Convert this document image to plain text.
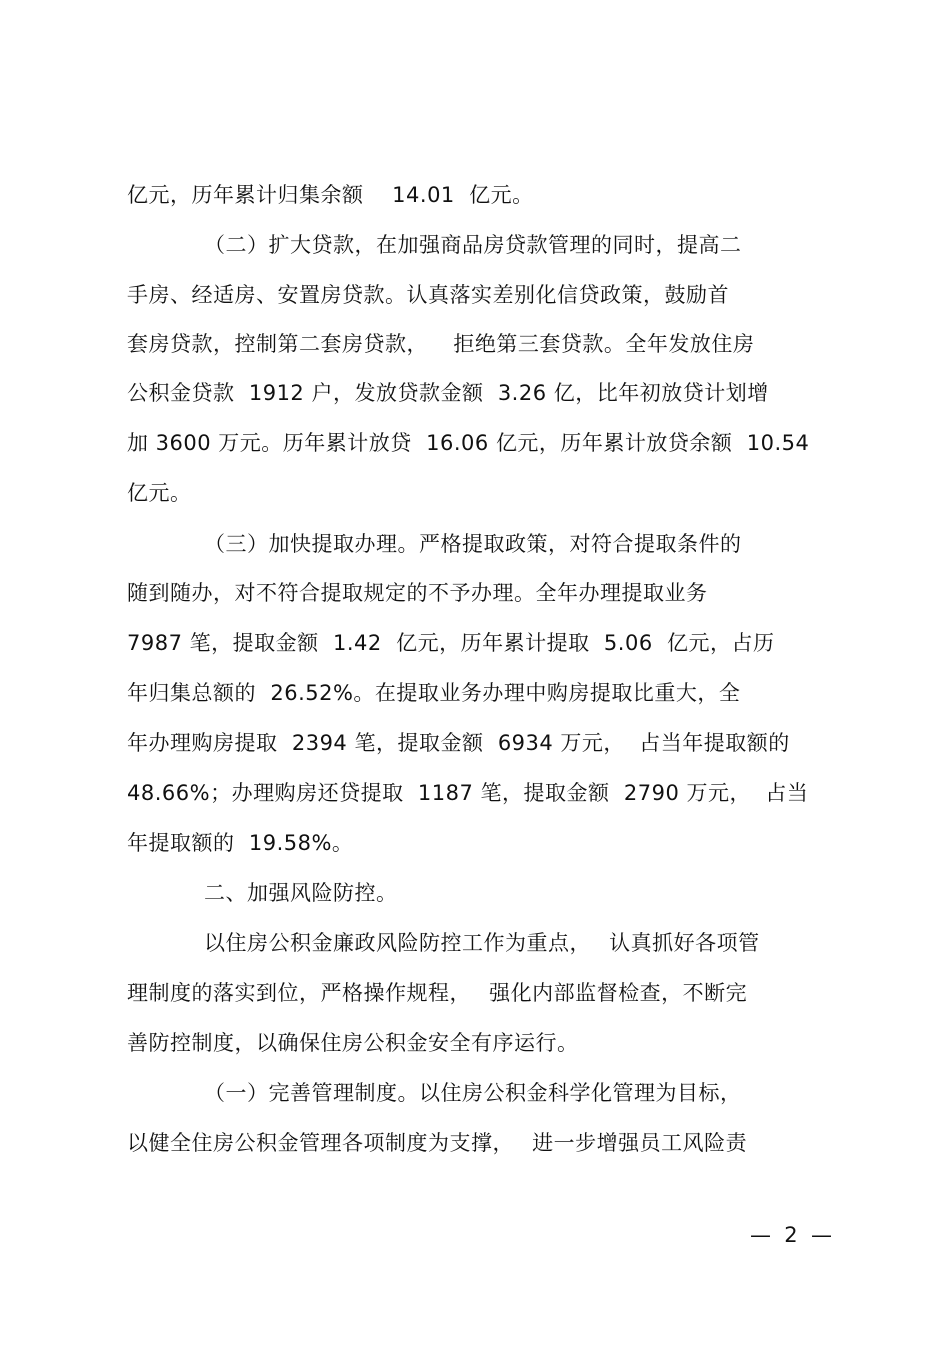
亿元，历年累计归集余额　 14.01  亿元。
（二）扩大贷款，在加强商品房贷款管理的同时，提高二
手房、经适房、安置房贷款。认真落实差别化信贷政策，鼓励首
套房贷款，控制第二套房贷款，　  拒绝第三套贷款。全年发放住房
公积金贷款  1912 户，发放贷款金额  3.26 亿，比年初放贷计划增
加 3600 万元。历年累计放贷  16.06 亿元，历年累计放贷余额  10.54
亿元。
（三）加快提取办理。严格提取政策，对符合提取条件的
随到随办，对不符合提取规定的不予办理。全年办理提取业务
7987 笔，提取金额  1.42  亿元，历年累计提取  5.06  亿元，占历
年归集总额的  26.52%。在提取业务办理中购房提取比重大，全
年办理购房提取  2394 笔，提取金额  6934 万元，  占当年提取额的
48.66%；办理购房还贷提取  1187 笔，提取金额  2790 万元，  占当
年提取额的  19.58%。
二、加强风险防控。
以住房公积金廉政风险防控工作为重点，　 认真抓好各项管
理制度的落实到位，严格操作规程，　 强化内部监督检查，不断完
善防控制度，以确保住房公积金安全有序运行。
（一）完善管理制度。以住房公积金科学化管理为目标，
以健全住房公积金管理各项制度为支撑，　 进一步增强员工风险责
—  2  —
